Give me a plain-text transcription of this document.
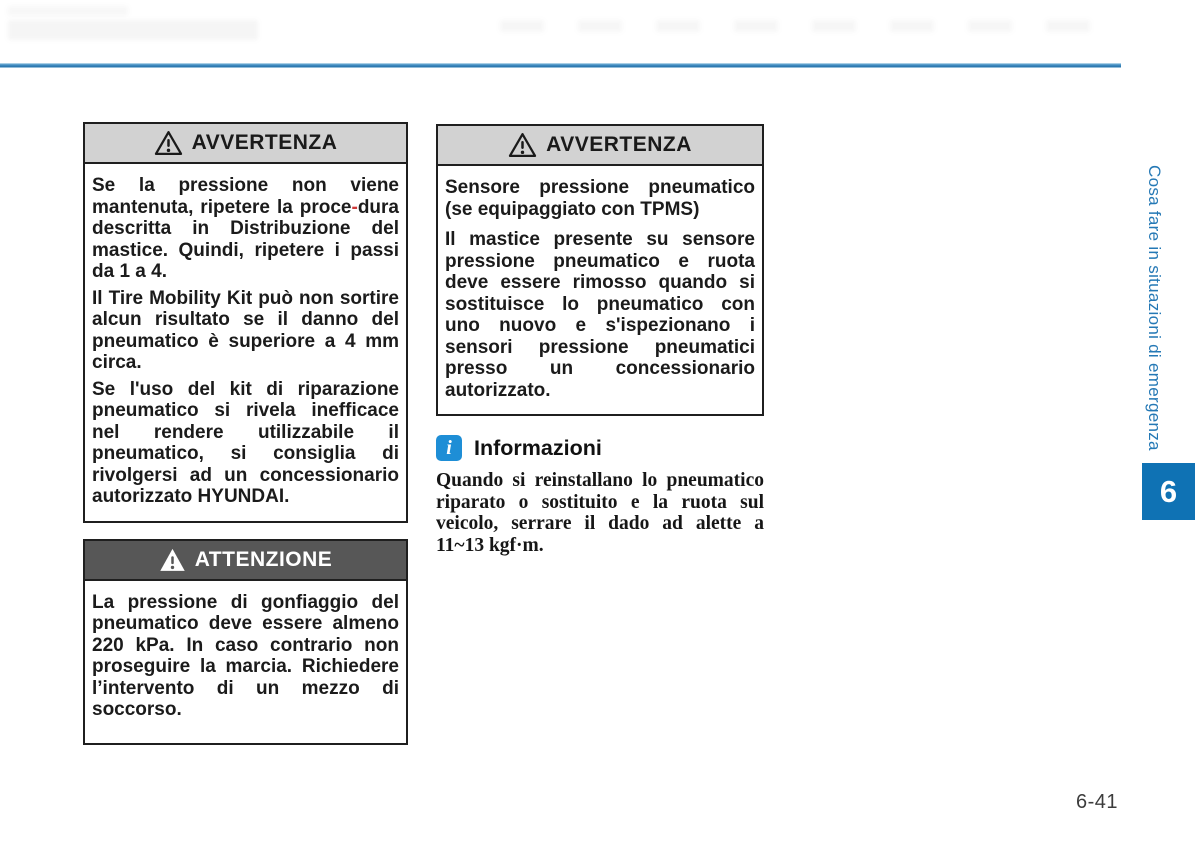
AVVERTENZA

Se la pressione non viene mantenuta, ripetere la proce-dura descritta in Distribuzione del mastice. Quindi, ripetere i passi da 1 a 4.

Il Tire Mobility Kit può non sortire alcun risultato se il danno del pneumatico è superiore a 4 mm circa.

Se l'uso del kit di riparazione pneumatico si rivela inefficace nel rendere utilizzabile il pneumatico, si consiglia di rivolgersi ad un concessionario autorizzato HYUNDAI.

ATTENZIONE

La pressione di gonfiaggio del pneumatico deve essere almeno 220 kPa. In caso contrario non proseguire la marcia. Richiedere l’intervento di un mezzo di soccorso.

AVVERTENZA

Sensore pressione pneumatico (se equipaggiato con TPMS)

Il mastice presente su sensore pressione pneumatico e ruota deve essere rimosso quando si sostituisce lo pneumatico con uno nuovo e s'ispezionano i sensori pressione pneumatici presso un concessionario autorizzato.

i	Informazioni

Quando si reinstallano lo pneumatico riparato o sostituito e la ruota sul veicolo, serrare il dado ad alette a 11~13 kgf·m.

Cosa fare in situazioni di emergenza
6
6-41
